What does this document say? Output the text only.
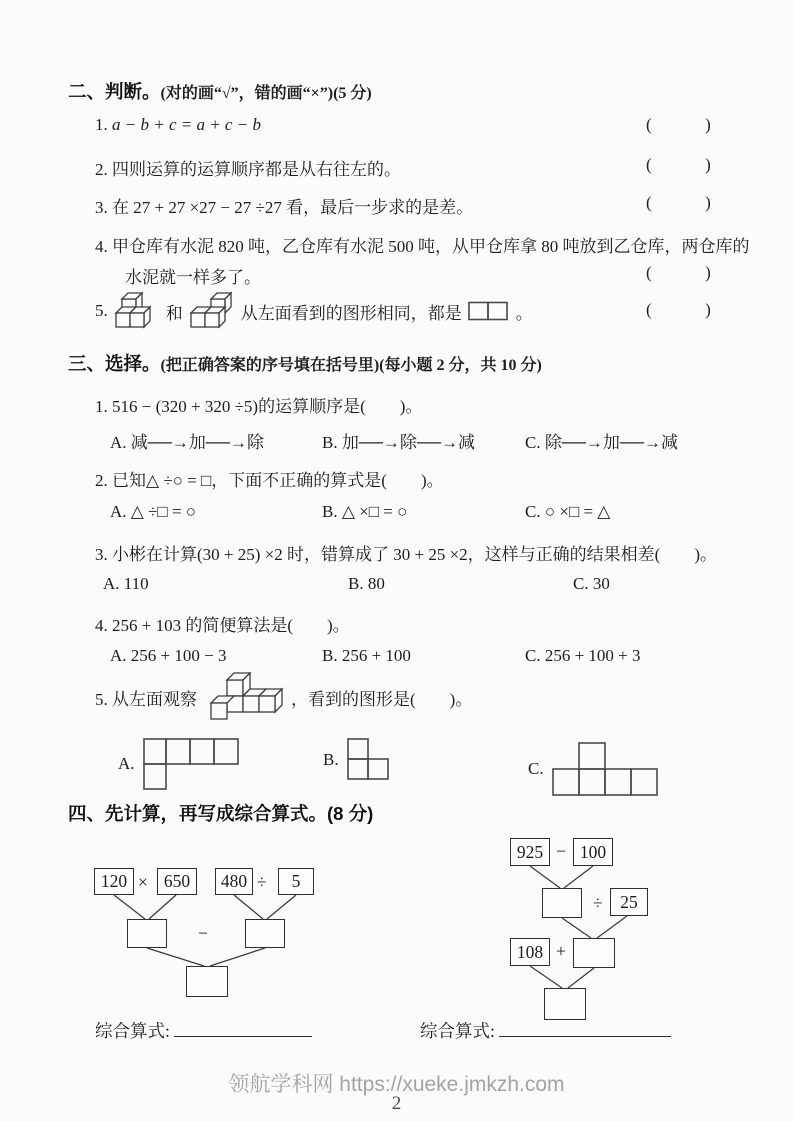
二、判断。(对的画“√”，错的画“×”)(5 分)
1. a − b + c = a + c − b	(          )
2. 四则运算的运算顺序都是从右往左的。	(          )
3. 在 27 + 27 ×27 − 27 ÷27 看，最后一步求的是差。	(          )
4. 甲仓库有水泥 820 吨，乙仓库有水泥 500 吨，从甲仓库拿 80 吨放到乙仓库，两仓库的
水泥就一样多了。	(          )
5.	和	从左面看到的图形相同，都是	。	(          )
三、选择。(把正确答案的序号填在括号里)(每小题 2 分，共 10 分)
1. 516 − (320 + 320 ÷5)的运算顺序是(　　)。
A. 减──→加──→除	B. 加──→除──→减	C. 除──→加──→减
2. 已知△ ÷○ = □，下面不正确的算式是(　　)。
A. △ ÷□ = ○	B. △ ×□ = ○	C. ○ ×□ = △
3. 小彬在计算(30 + 25) ×2 时，错算成了 30 + 25 ×2，这样与正确的结果相差(　　)。
A. 110	B. 80	C. 30
4. 256 + 103 的简便算法是(　　)。
A. 256 + 100 − 3	B. 256 + 100	C. 256 + 100 + 3
5. 从左面观察	，看到的图形是(　　)。
A.	B.	C.
四、先计算，再写成综合算式。(8 分)
120 × 650	480 ÷	5
−
925 − 100
÷	25
108 +
综合算式:	综合算式:
领航学科网 https://xueke.jmkzh.com
2
